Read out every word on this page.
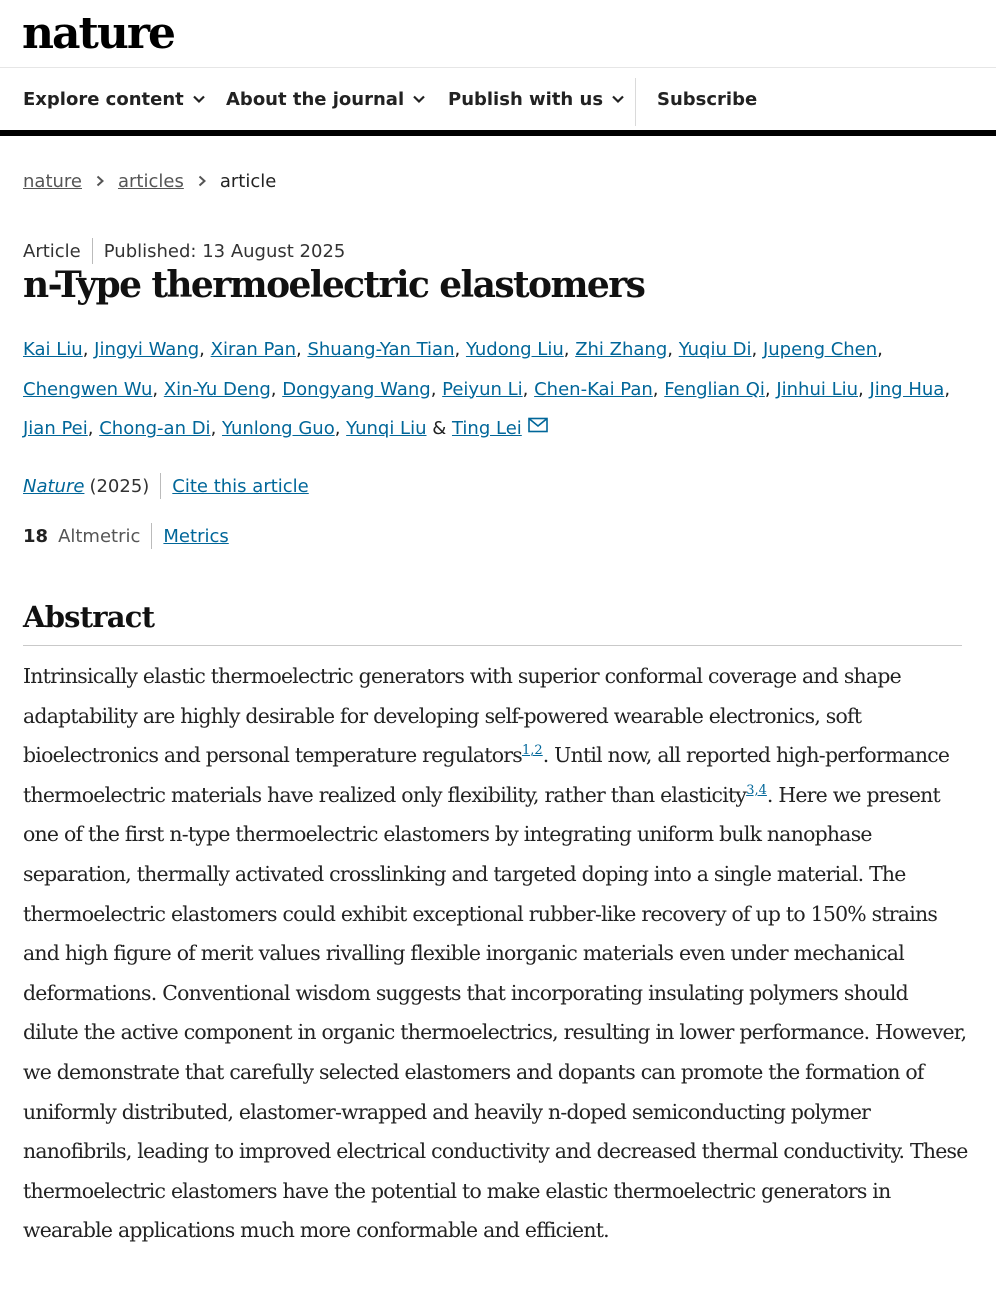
nature
Explore content About the journal Publish with us	Subscribe
nature articles article
Article Published: 13 August 2025
n-Type thermoelectric elastomers
Kai Liu, Jingyi Wang, Xiran Pan, Shuang-Yan Tian, Yudong Liu, Zhi Zhang, Yuqiu Di, Jupeng Chen,
Chengwen Wu, Xin-Yu Deng, Dongyang Wang, Peiyun Li, Chen-Kai Pan, Fenglian Qi, Jinhui Liu, Jing Hua,
Jian Pei, Chong-an Di, Yunlong Guo, Yunqi Liu & Ting Lei
Nature (2025) Cite this article
18 Altmetric Metrics
Abstract

Intrinsically elastic thermoelectric generators with superior conformal coverage and shape adaptability are highly desirable for developing self-powered wearable electronics, soft bioelectronics and personal temperature regulators$^{1,2}$. Until now, all reported high-performance thermoelectric materials have realized only flexibility, rather than elasticity$^{3,4}$. Here we present one of the first n-type thermoelectric elastomers by integrating uniform bulk nanophase separation, thermally activated crosslinking and targeted doping into a single material. The thermoelectric elastomers could exhibit exceptional rubber-like recovery of up to 150% strains and high figure of merit values rivalling flexible inorganic materials even under mechanical deformations. Conventional wisdom suggests that incorporating insulating polymers should dilute the active component in organic thermoelectrics, resulting in lower performance. However, we demonstrate that carefully selected elastomers and dopants can promote the formation of uniformly distributed, elastomer-wrapped and heavily n-doped semiconducting polymer nanofibrils, leading to improved electrical conductivity and decreased thermal conductivity. These thermoelectric elastomers have the potential to make elastic thermoelectric generators in wearable applications much more conformable and efficient.
